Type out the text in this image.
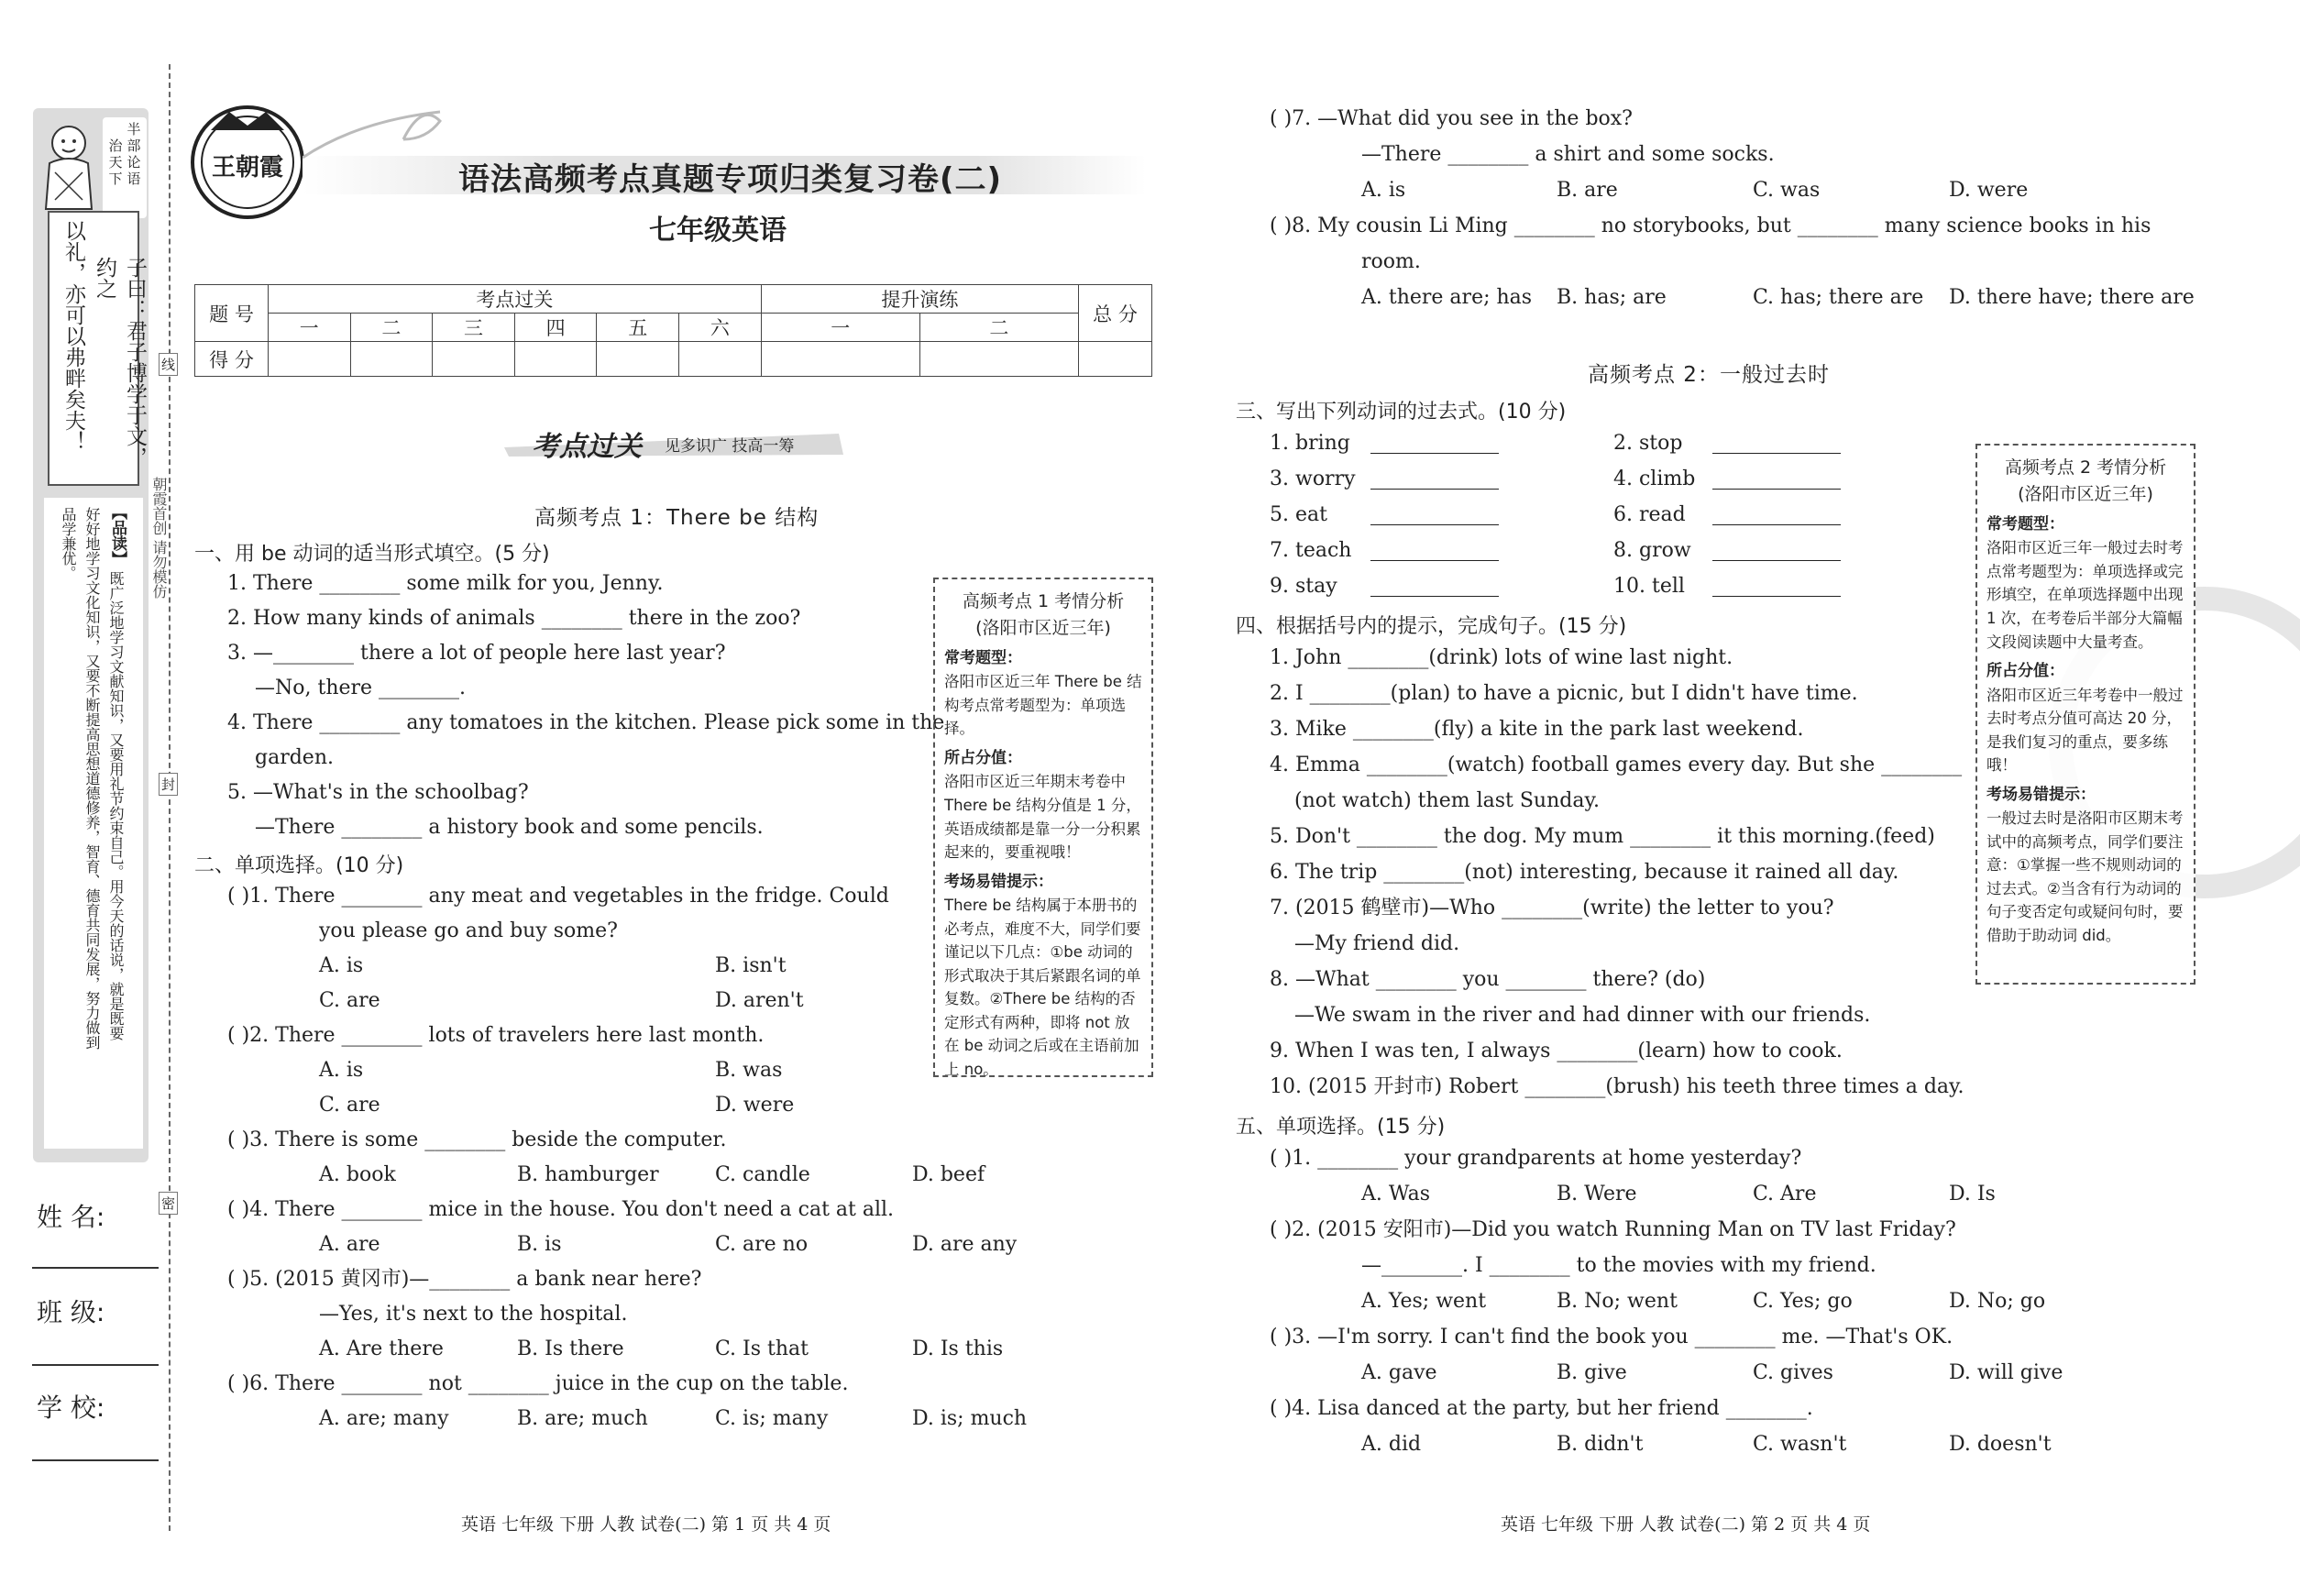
半
部
论
语
治
天
下
子曰：君子博学于文，约之
以礼，亦可以弗畔矣夫！
【品读】
既广泛地学习文献知识，又要用礼节约束自己。用今天的话说，就是既要
好好地学习文化知识，又要不断提高思想道德修养，智育、德育共同发展，努力做到
品学兼优。
姓 名:
班 级:
学 校:
线
封
密
朝霞首创 请勿模仿
王朝霞	语法高频考点真题专项归类复习卷(二)
七年级英语
题 号	考点过关						提升演练		总 分
	一	二	三	四	五	六	一	二	
得 分									
考点过关 见多识广 技高一筹
高频考点 1：There be 结构
一、用 be 动词的适当形式填空。(5 分)
1. There ________ some milk for you, Jenny.
2. How many kinds of animals ________ there in the zoo?
3. —________ there a lot of people here last year?
—No, there ________.
4. There ________ any tomatoes in the kitchen. Please pick some in the
garden.
5. —What's in the schoolbag?
—There ________ a history book and some pencils.
二、单项选择。(10 分)
( )1. There ________ any meat and vegetables in the fridge. Could
you please go and buy some?
A. is	B. isn't
C. are	D. aren't
( )2. There ________ lots of travelers here last month.
A. is	B. was
C. are	D. were
( )3. There is some ________ beside the computer.
A. book	B. hamburger	C. candle	D. beef
( )4. There ________ mice in the house. You don't need a cat at all.
A. are	B. is	C. are no	D. are any
( )5. (2015 黄冈市)—________ a bank near here?
—Yes, it's next to the hospital.
A. Are there	B. Is there	C. Is that	D. Is this
( )6. There ________ not ________ juice in the cup on the table.
A. are; many	B. are; much	C. is; many	D. is; much
高频考点 1 考情分析
(洛阳市区近三年)
常考题型：
洛阳市区近三年 There be 结构考点常考题型为：单项选择。
所占分值：
洛阳市区近三年期末考卷中 There be 结构分值是 1 分，英语成绩都是靠一分一分积累起来的，要重视哦！
考场易错提示：
There be 结构属于本册书的必考点，难度不大，同学们要谨记以下几点：①be 动词的形式取决于其后紧跟名词的单复数。②There be 结构的否定形式有两种，即将 not 放在 be 动词之后或在主语前加上 no。
英语 七年级 下册 人教 试卷(二) 第 1 页 共 4 页
( )7. —What did you see in the box?
—There ________ a shirt and some socks.
A. is	B. are	C. was	D. were
( )8. My cousin Li Ming ________ no storybooks, but ________ many science books in his
room.
A. there are; has B. has; are	C. has; there are D. there have; there are
高频考点 2：一般过去时
三、写出下列动词的过去式。(10 分)
1. bring	2. stop
3. worry	4. climb
5. eat	6. read
7. teach	8. grow
9. stay	10. tell
四、根据括号内的提示，完成句子。(15 分)
1. John ________(drink) lots of wine last night.
2. I ________(plan) to have a picnic, but I didn't have time.
3. Mike ________(fly) a kite in the park last weekend.
4. Emma ________(watch) football games every day. But she ________
(not watch) them last Sunday.
5. Don't ________ the dog. My mum ________ it this morning.(feed)
6. The trip ________(not) interesting, because it rained all day.
7. (2015 鹤壁市)—Who ________(write) the letter to you?
—My friend did.
8. —What ________ you ________ there? (do)
—We swam in the river and had dinner with our friends.
9. When I was ten, I always ________(learn) how to cook.
10. (2015 开封市) Robert ________(brush) his teeth three times a day.
五、单项选择。(15 分)
( )1. ________ your grandparents at home yesterday?
A. Was	B. Were	C. Are	D. Is
( )2. (2015 安阳市)—Did you watch Running Man on TV last Friday?
—________. I ________ to the movies with my friend.
A. Yes; went	B. No; went	C. Yes; go	D. No; go
( )3. —I'm sorry. I can't find the book you ________ me. —That's OK.
A. gave	B. give	C. gives	D. will give
( )4. Lisa danced at the party, but her friend ________.
A. did	B. didn't	C. wasn't	D. doesn't
高频考点 2 考情分析
(洛阳市区近三年)
常考题型：
洛阳市区近三年一般过去时考点常考题型为：单项选择或完形填空，在单项选择题中出现 1 次，在考卷后半部分大篇幅文段阅读题中大量考查。
所占分值：
洛阳市区近三年考卷中一般过去时考点分值可高达 20 分，是我们复习的重点，要多练哦！
考场易错提示：
一般过去时是洛阳市区期末考试中的高频考点，同学们要注意：①掌握一些不规则动词的过去式。②当含有行为动词的句子变否定句或疑问句时，要借助于助动词 did。
英语 七年级 下册 人教 试卷(二) 第 2 页 共 4 页
